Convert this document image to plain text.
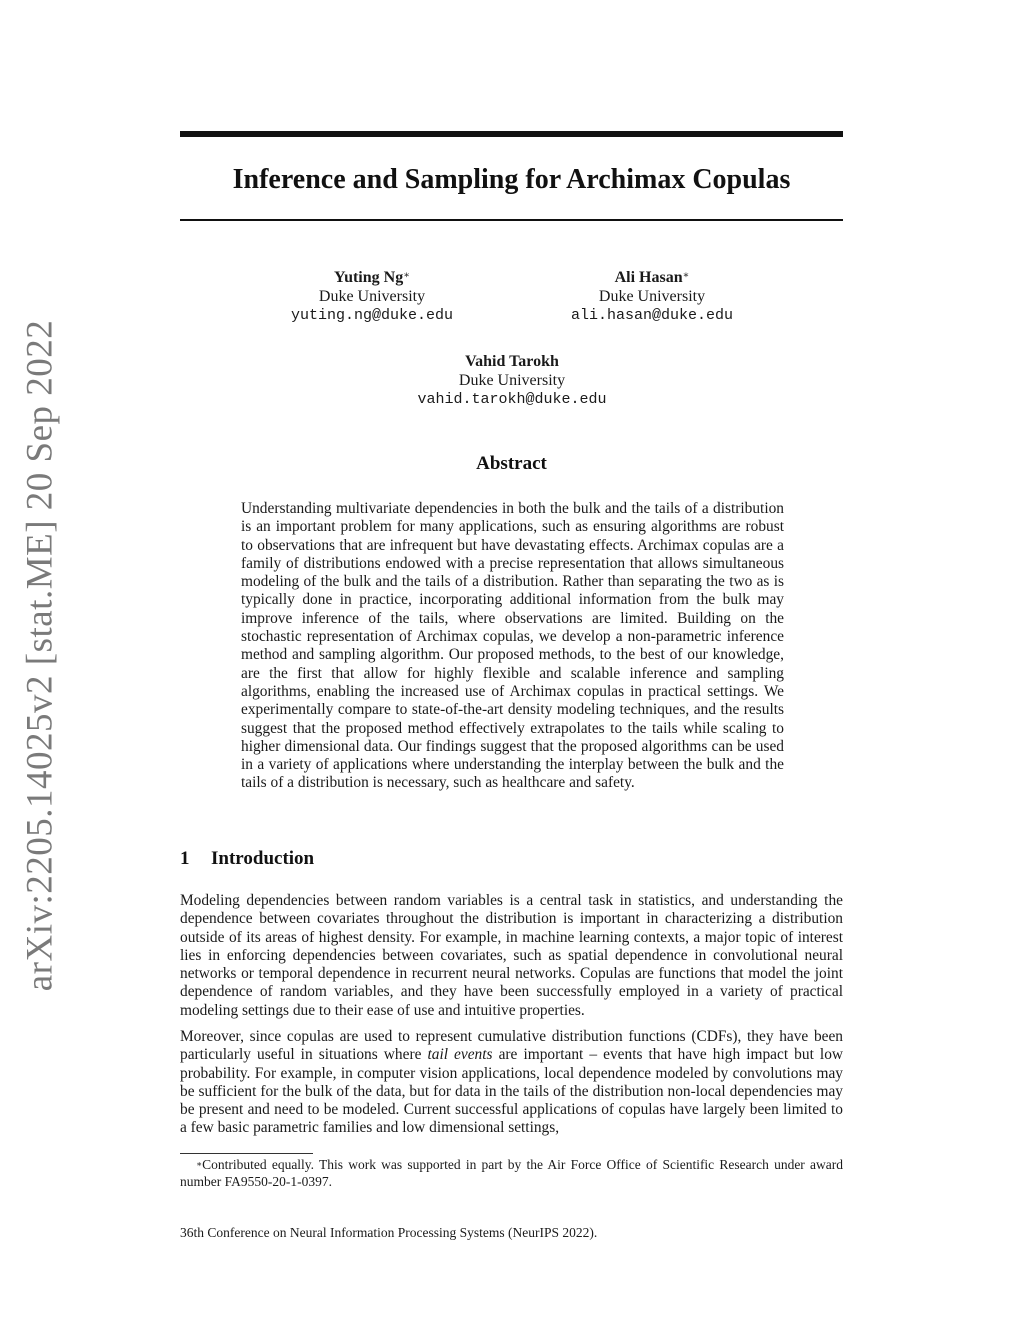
arXiv:2205.14025v2 [stat.ME] 20 Sep 2022
Inference and Sampling for Archimax Copulas
Yuting Ng∗
Duke University
yuting.ng@duke.edu
Ali Hasan∗
Duke University
ali.hasan@duke.edu
Vahid Tarokh
Duke University
vahid.tarokh@duke.edu
Abstract

Understanding multivariate dependencies in both the bulk and the tails of a distribution is an important problem for many applications, such as ensuring algorithms are robust to observations that are infrequent but have devastating effects. Archimax copulas are a family of distributions endowed with a precise representation that allows simultaneous modeling of the bulk and the tails of a distribution. Rather than separating the two as is typically done in practice, incorporating additional information from the bulk may improve inference of the tails, where observations are limited. Building on the stochastic representation of Archimax copulas, we develop a non-parametric inference method and sampling algorithm. Our proposed methods, to the best of our knowledge, are the first that allow for highly flexible and scalable inference and sampling algorithms, enabling the increased use of Archimax copulas in practical settings. We experimentally compare to state-of-the-art density modeling techniques, and the results suggest that the proposed method effectively extrapolates to the tails while scaling to higher dimensional data. Our findings suggest that the proposed algorithms can be used in a variety of applications where understanding the interplay between the bulk and the tails of a distribution is necessary, such as healthcare and safety.

1 Introduction

Modeling dependencies between random variables is a central task in statistics, and understanding the dependence between covariates throughout the distribution is important in characterizing a distribution outside of its areas of highest density. For example, in machine learning contexts, a major topic of interest lies in enforcing dependencies between covariates, such as spatial dependence in convolutional neural networks or temporal dependence in recurrent neural networks. Copulas are functions that model the joint dependence of random variables, and they have been successfully employed in a variety of practical modeling settings due to their ease of use and intuitive properties.

Moreover, since copulas are used to represent cumulative distribution functions (CDFs), they have been particularly useful in situations where tail events are important – events that have high impact but low probability. For example, in computer vision applications, local dependence modeled by convolutions may be sufficient for the bulk of the data, but for data in the tails of the distribution non-local dependencies may be present and need to be modeled. Current successful applications of copulas have largely been limited to a few basic parametric families and low dimensional settings,

∗Contributed equally. This work was supported in part by the Air Force Office of Scientific Research under award number FA9550-20-1-0397.

36th Conference on Neural Information Processing Systems (NeurIPS 2022).
